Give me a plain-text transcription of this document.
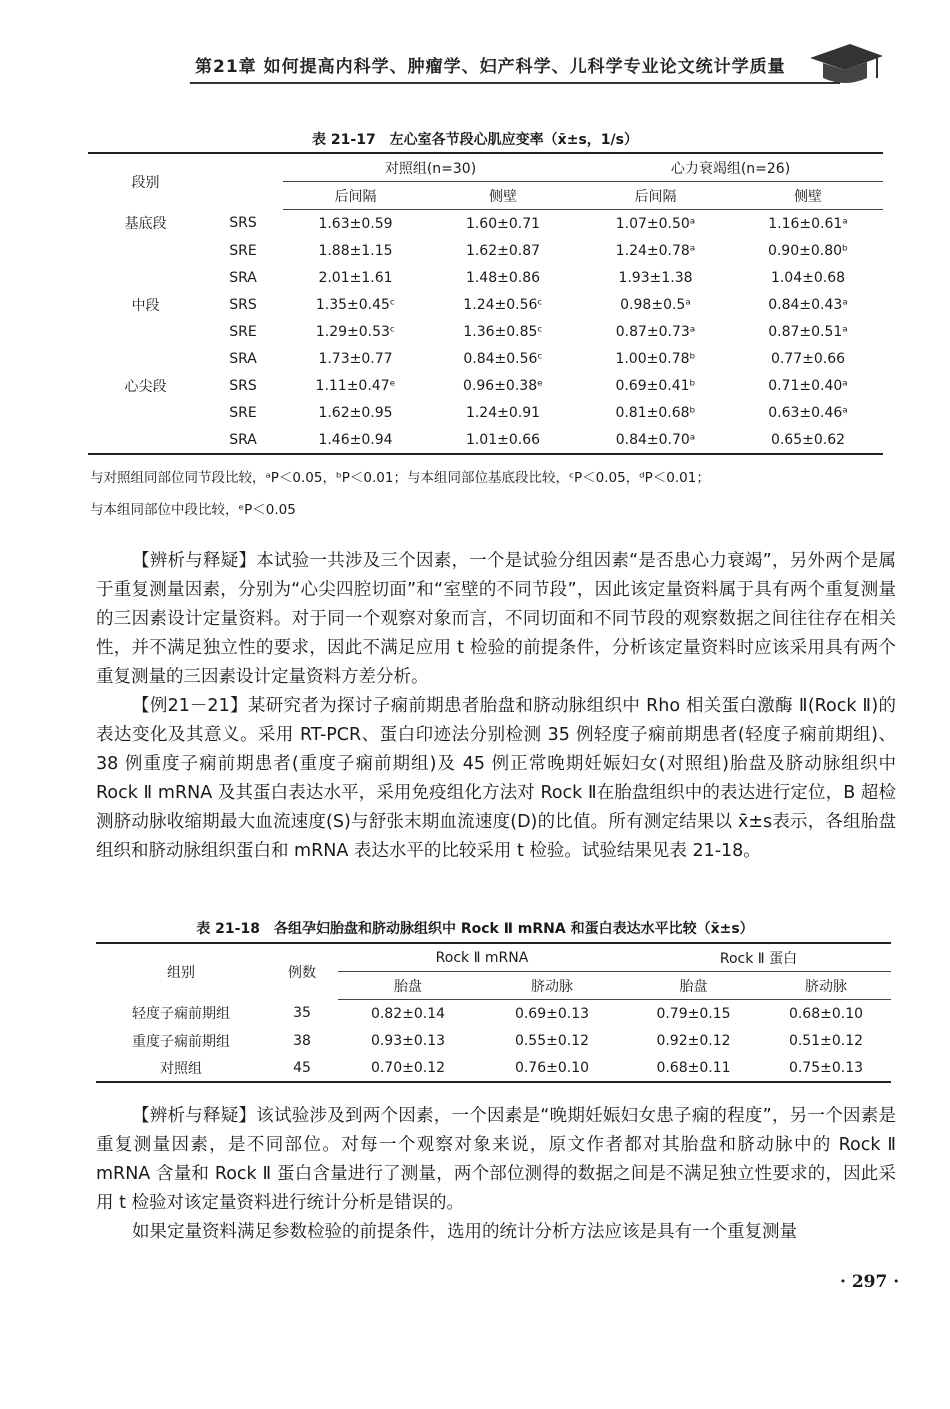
第21章 如何提高内科学、肿瘤学、妇产科学、儿科学专业论文统计学质量
表 21-17　左心室各节段心肌应变率（x̄±s，1/s）
段别		对照组(n=30)		心力衰竭组(n=26)	
		后间隔	侧壁	后间隔	侧壁
基底段	SRS	1.63±0.59	1.60±0.71	1.07±0.50ᵃ	1.16±0.61ᵃ
	SRE	1.88±1.15	1.62±0.87	1.24±0.78ᵃ	0.90±0.80ᵇ
	SRA	2.01±1.61	1.48±0.86	1.93±1.38	1.04±0.68
中段	SRS	1.35±0.45ᶜ	1.24±0.56ᶜ	0.98±0.5ᵃ	0.84±0.43ᵃ
	SRE	1.29±0.53ᶜ	1.36±0.85ᶜ	0.87±0.73ᵃ	0.87±0.51ᵃ
	SRA	1.73±0.77	0.84±0.56ᶜ	1.00±0.78ᵇ	0.77±0.66
心尖段	SRS	1.11±0.47ᵉ	0.96±0.38ᵉ	0.69±0.41ᵇ	0.71±0.40ᵃ
	SRE	1.62±0.95	1.24±0.91	0.81±0.68ᵇ	0.63±0.46ᵃ
	SRA	1.46±0.94	1.01±0.66	0.84±0.70ᵃ	0.65±0.62
与对照组同部位同节段比较，ᵃP＜0.05，ᵇP＜0.01；与本组同部位基底段比较，ᶜP＜0.05，ᵈP＜0.01；
与本组同部位中段比较，ᵉP＜0.05

【辨析与释疑】本试验一共涉及三个因素，一个是试验分组因素“是否患心力衰竭”，另外两个是属于重复测量因素，分别为“心尖四腔切面”和“室壁的不同节段”，因此该定量资料属于具有两个重复测量的三因素设计定量资料。对于同一个观察对象而言，不同切面和不同节段的观察数据之间往往存在相关性，并不满足独立性的要求，因此不满足应用 t 检验的前提条件，分析该定量资料时应该采用具有两个重复测量的三因素设计定量资料方差分析。

【例21－21】某研究者为探讨子痫前期患者胎盘和脐动脉组织中 Rho 相关蛋白激酶 Ⅱ(Rock Ⅱ)的表达变化及其意义。采用 RT-PCR、蛋白印迹法分别检测 35 例轻度子痫前期患者(轻度子痫前期组)、38 例重度子痫前期患者(重度子痫前期组)及 45 例正常晚期妊娠妇女(对照组)胎盘及脐动脉组织中 Rock Ⅱ mRNA 及其蛋白表达水平，采用免疫组化方法对 Rock Ⅱ在胎盘组织中的表达进行定位，B 超检测脐动脉收缩期最大血流速度(S)与舒张末期血流速度(D)的比值。所有测定结果以 x̄±s表示，各组胎盘组织和脐动脉组织蛋白和 mRNA 表达水平的比较采用 t 检验。试验结果见表 21-18。

表 21-18　各组孕妇胎盘和脐动脉组织中 Rock Ⅱ mRNA 和蛋白表达水平比较（x̄±s）
组别	例数	Rock Ⅱ mRNA		Rock Ⅱ 蛋白	
		胎盘	脐动脉	胎盘	脐动脉
轻度子痫前期组	35	0.82±0.14	0.69±0.13	0.79±0.15	0.68±0.10
重度子痫前期组	38	0.93±0.13	0.55±0.12	0.92±0.12	0.51±0.12
对照组	45	0.70±0.12	0.76±0.10	0.68±0.11	0.75±0.13

【辨析与释疑】该试验涉及到两个因素，一个因素是“晚期妊娠妇女患子痫的程度”，另一个因素是重复测量因素，是不同部位。对每一个观察对象来说，原文作者都对其胎盘和脐动脉中的 Rock Ⅱ mRNA 含量和 Rock Ⅱ 蛋白含量进行了测量，两个部位测得的数据之间是不满足独立性要求的，因此采用 t 检验对该定量资料进行统计分析是错误的。

如果定量资料满足参数检验的前提条件，选用的统计分析方法应该是具有一个重复测量

· 297 ·
